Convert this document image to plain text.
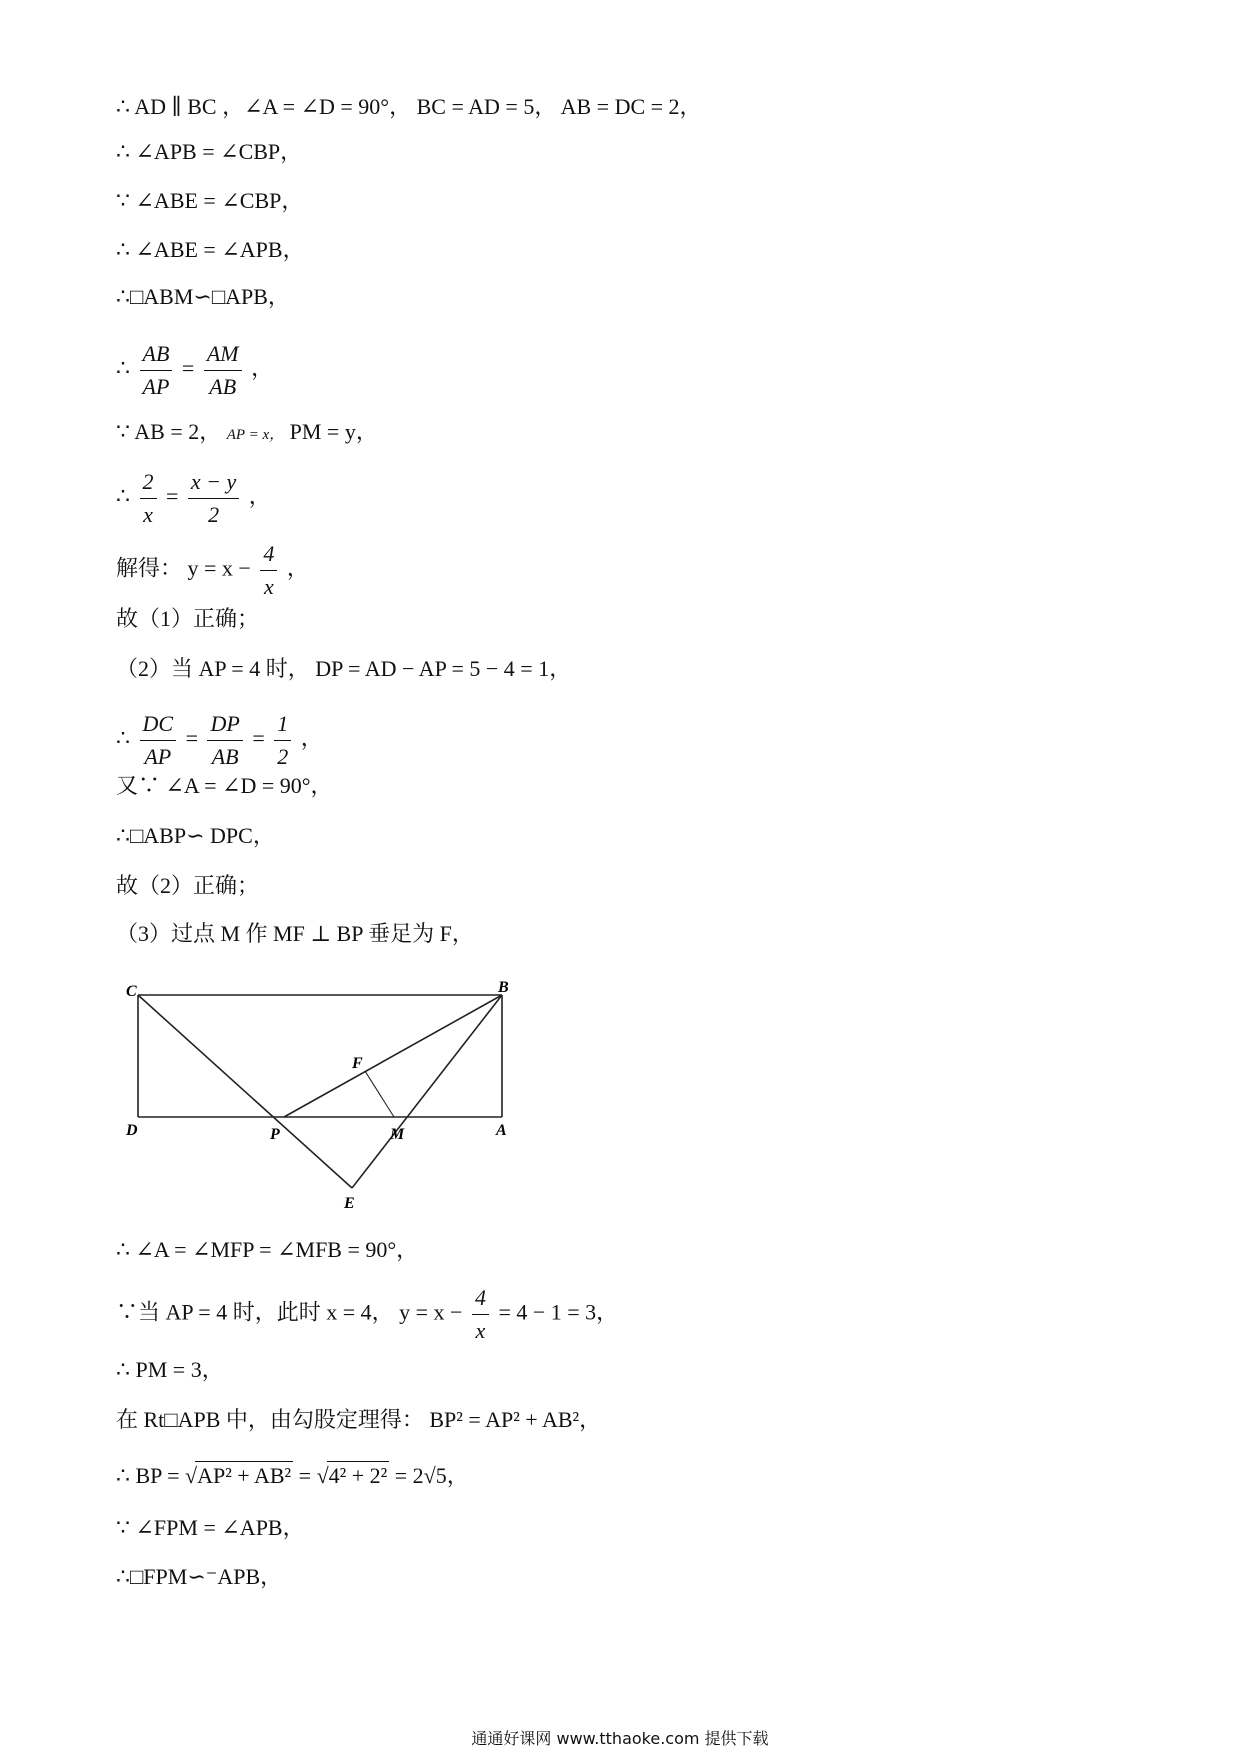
∴ AD ∥ BC ，∠A = ∠D = 90°， BC = AD = 5， AB = DC = 2，
∴ ∠APB = ∠CBP，
∵ ∠ABE = ∠CBP，
∴ ∠ABE = ∠APB，
∴□ABM∽□APB，
∴ $\frac{AB}{AP} = \frac{AM}{AB}$ ，
∵ AB = 2， AP = x， PM = y，
∴ $\frac{2}{x} = \frac{x - y}{2}$ ，
解得： $y = x - \frac{4}{x}$ ，
故（1）正确；
（2）当 AP = 4 时， DP = AD − AP = 5 − 4 = 1，
∴ $\frac{DC}{AP} = \frac{DP}{AB} = \frac{1}{2}$ ，
又∵ ∠A = ∠D = 90°，
∴□ABP∽ DPC，
故（2）正确；
（3）过点 M 作 MF ⊥ BP 垂足为 F，
C	B
D	P	M	A
F
E
∴ ∠A = ∠MFP = ∠MFB = 90°，
∵当 AP = 4 时，此时 x = 4， $y = x - \frac{4}{x} = 4 - 1 = 3$，
∴ PM = 3，
在 Rt□APB 中，由勾股定理得： BP² = AP² + AB²，
∴ BP = √AP² + AB² = √4² + 2² = 2√5，
∵ ∠FPM = ∠APB，
∴□FPM∽⁻APB，
通通好课网 www.tthaoke.com 提供下载
